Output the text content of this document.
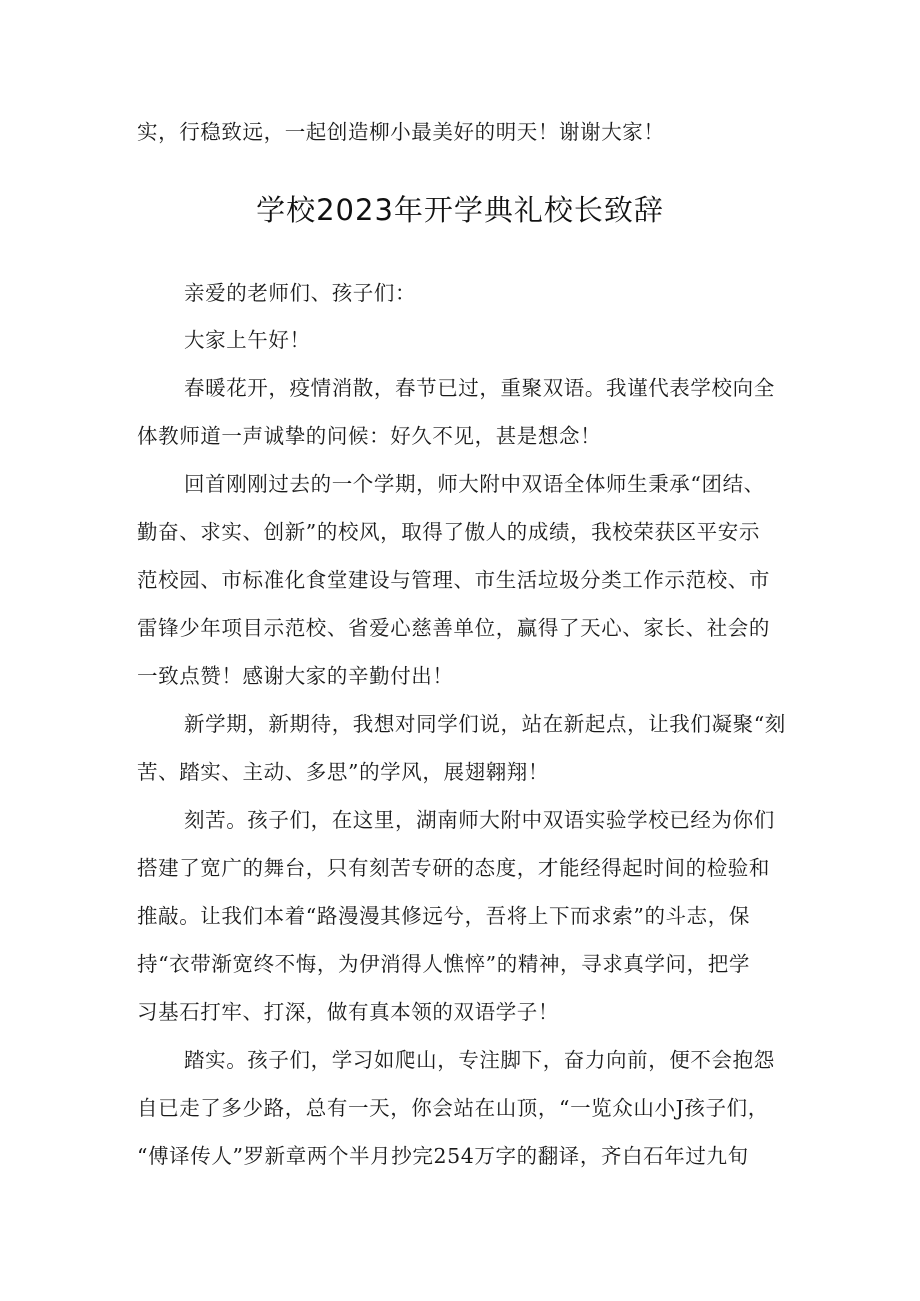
实，行稳致远，一起创造柳小最美好的明天！谢谢大家！
学校2023年开学典礼校长致辞
亲爱的老师们、孩子们：
大家上午好！
春暖花开，疫情消散，春节已过，重聚双语。我谨代表学校向全
体教师道一声诚挚的问候：好久不见，甚是想念！
回首刚刚过去的一个学期，师大附中双语全体师生秉承“团结、
勤奋、求实、创新”的校风，取得了傲人的成绩，我校荣获区平安示
范校园、市标准化食堂建设与管理、市生活垃圾分类工作示范校、市
雷锋少年项目示范校、省爱心慈善单位，赢得了天心、家长、社会的
一致点赞！感谢大家的辛勤付出！
新学期，新期待，我想对同学们说，站在新起点，让我们凝聚“刻
苦、踏实、主动、多思”的学风，展翅翱翔！
刻苦。孩子们，在这里，湖南师大附中双语实验学校已经为你们
搭建了宽广的舞台，只有刻苦专研的态度，才能经得起时间的检验和
推敲。让我们本着“路漫漫其修远兮，吾将上下而求索”的斗志，保
持“衣带渐宽终不悔，为伊消得人憔悴”的精神，寻求真学问，把学
习基石打牢、打深，做有真本领的双语学子！
踏实。孩子们，学习如爬山，专注脚下，奋力向前，便不会抱怨
自已走了多少路，总有一天，你会站在山顶，“一览众山小J孩子们，
“傅译传人”罗新章两个半月抄完254万字的翻译，齐白石年过九旬
